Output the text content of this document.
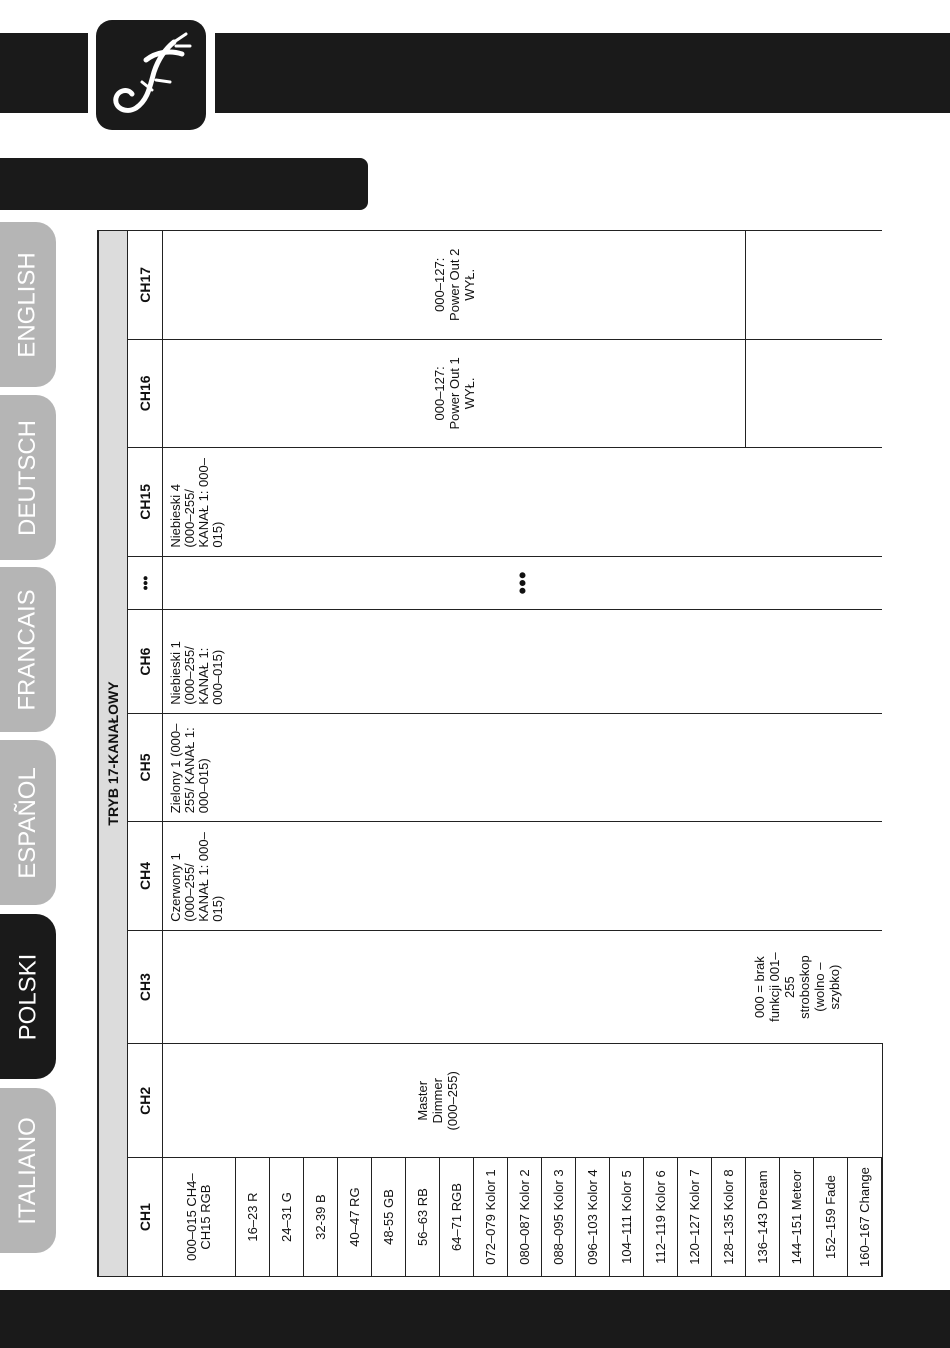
ENGLISH
DEUTSCH
FRANCAIS
ESPAÑOL
POLSKI
ITALIANO
TRYB 17-KANAŁOWY									
CH1	CH2	CH3	CH4	CH5	CH6	•••	CH15	CH16	CH17
000–015 CH4–CH15 RGB	Master Dimmer (000–255)		Czerwony 1 (000–255/ KANAŁ 1: 000–015)	Zielony 1 (000–255/ KANAŁ 1: 000–015)	Niebieski 1 (000–255/ KANAŁ 1: 000–015)	•••	Niebieski 4 (000–255/ KANAŁ 1: 000–015)	000–127: Power Out 1 WYŁ.	000–127: Power Out 2 WYŁ.
16–23 R									
24–31 G									
32-39 B									
40–47 RG									
48-55 GB									
56–63 RB									
64–71 RGB									
072–079 Kolor 1									
080–087 Kolor 2									
088–095 Kolor 3									
096–103 Kolor 4									
104–111 Kolor 5									
112–119 Kolor 6									
120–127 Kolor 7									
128–135 Kolor 8		000 = brak funkcji 001–255 stroboskop (wolno – szybko)							
136–143 Dream									
144–151 Meteor									
152–159 Fade									
160–167 Change									
